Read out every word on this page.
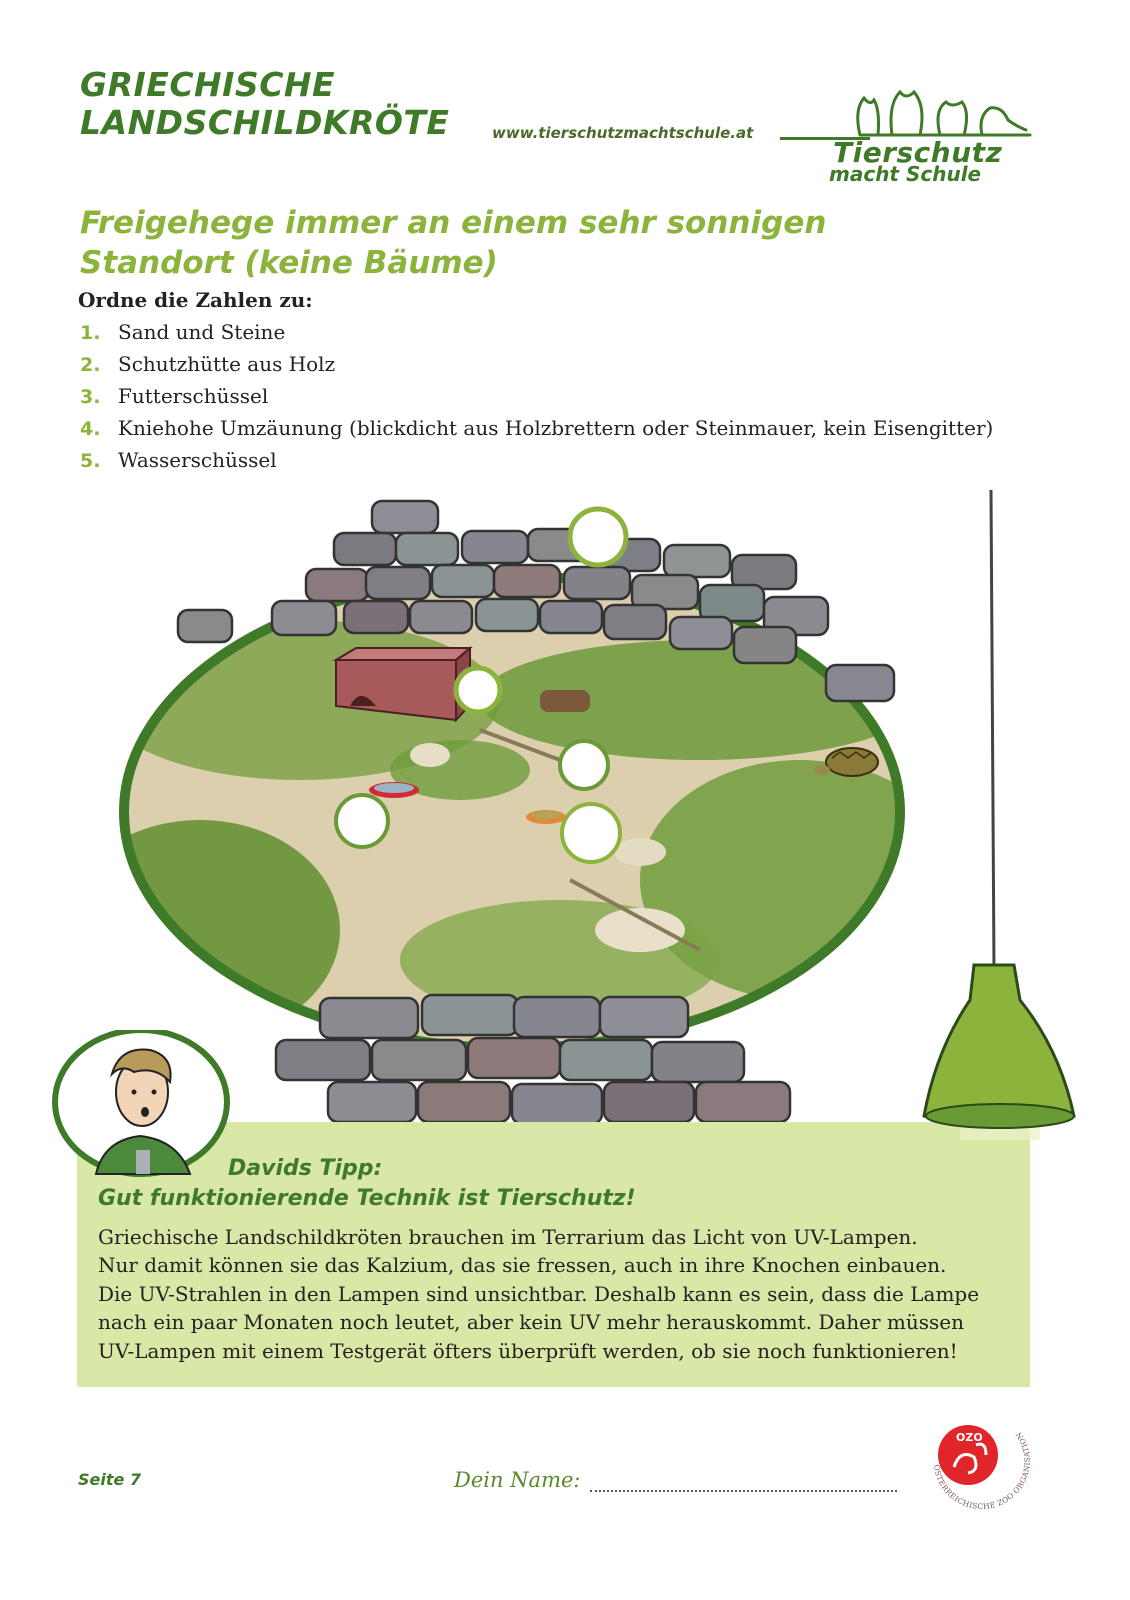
GRIECHISCHE
LANDSCHILDKRÖTE	www.tierschutzmachtschule.at
Tierschutz
macht Schule
Freigehege immer an einem sehr sonnigen
Standort (keine Bäume)
Ordne die Zahlen zu:
1. Sand und Steine
2. Schutzhütte aus Holz
3. Futterschüssel
4. Kniehohe Umzäunung (blickdicht aus Holzbrettern oder Steinmauer, kein Eisengitter)
5. Wasserschüssel
Davids Tipp:
Gut funktionierende Technik ist Tierschutz!
Griechische Landschildkröten brauchen im Terrarium das Licht von UV-Lampen.
Nur damit können sie das Kalzium, das sie fressen, auch in ihre Knochen einbauen.
Die UV-Strahlen in den Lampen sind unsichtbar. Deshalb kann es sein, dass die Lampe
nach ein paar Monaten noch leutet, aber kein UV mehr herauskommt. Daher müssen
UV-Lampen mit einem Testgerät öfters überprüft werden, ob sie noch funktionieren!
Seite 7	Dein Name:
OZO
ÖSTERREICHISCHE ZOO ORGANISATION
